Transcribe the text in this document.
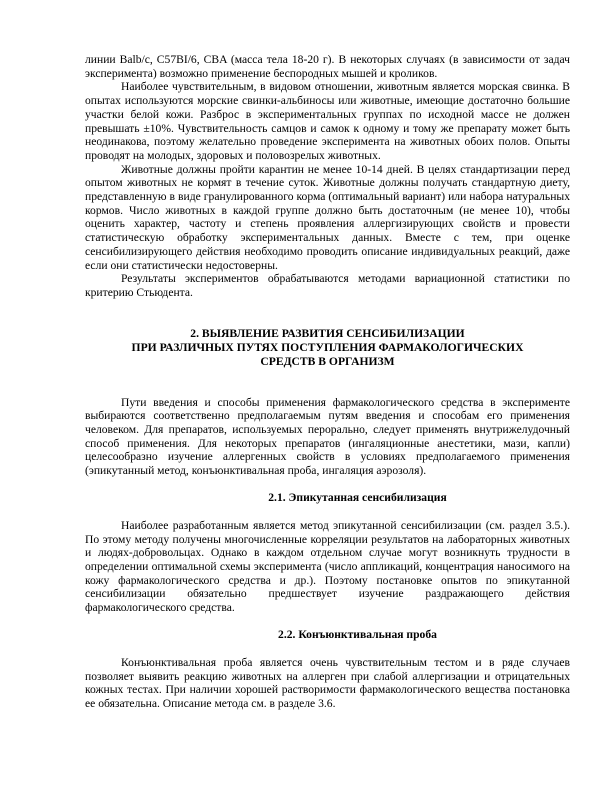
линии Balb/c, C57BI/6, CBA (масса тела 18-20 г). В некоторых случаях (в зависимости от задач эксперимента) возможно применение беспородных мышей и кроликов.

Наиболее чувствительным, в видовом отношении, животным является морская свинка. В опытах используются морские свинки-альбиносы или животные, имеющие достаточно большие участки белой кожи. Разброс в экспериментальных группах по исходной массе не должен превышать ±10%. Чувствительность самцов и самок к одному и тому же препарату может быть неодинакова, поэтому желательно проведение эксперимента на животных обоих полов. Опыты проводят на молодых, здоровых и половозрелых животных.

Животные должны пройти карантин не менее 10-14 дней. В целях стандартизации перед опытом животных не кормят в течение суток. Животные должны получать стандартную диету, представленную в виде гранулированного корма (оптимальный вариант) или набора натуральных кормов. Число животных в каждой группе должно быть достаточным (не менее 10), чтобы оценить характер, частоту и степень проявления аллергизирующих свойств и провести статистическую обработку экспериментальных данных. Вместе с тем, при оценке сенсибилизирующего действия необходимо проводить описание индивидуальных реакций, даже если они статистически недостоверны.

Результаты экспериментов обрабатываются методами вариационной статистики по критерию Стьюдента.

2. ВЫЯВЛЕНИЕ РАЗВИТИЯ СЕНСИБИЛИЗАЦИИ
ПРИ РАЗЛИЧНЫХ ПУТЯХ ПОСТУПЛЕНИЯ ФАРМАКОЛОГИЧЕСКИХ
СРЕДСТВ В ОРГАНИЗМ

Пути введения и способы применения фармакологического средства в эксперименте выбираются соответственно предполагаемым путям введения и способам его применения человеком. Для препаратов, используемых перорально, следует применять внутрижелудочный способ применения. Для некоторых препаратов (ингаляционные анестетики, мази, капли) целесообразно изучение аллергенных свойств в условиях предполагаемого применения (эпикутанный метод, конъюнктивальная проба, ингаляция аэрозоля).

2.1. Эпикутанная сенсибилизация

Наиболее разработанным является метод эпикутанной сенсибилизации (см. раздел 3.5.). По этому методу получены многочисленные корреляции результатов на лабораторных животных и людях-добровольцах. Однако в каждом отдельном случае могут возникнуть трудности в определении оптимальной схемы эксперимента (число аппликаций, концентрация наносимого на кожу фармакологического средства и др.). Поэтому постановке опытов по эпикутанной сенсибилизации обязательно предшествует изучение раздражающего действия фармакологического средства.

2.2. Конъюнктивальная проба

Конъюнктивальная проба является очень чувствительным тестом и в ряде случаев позволяет выявить реакцию животных на аллерген при слабой аллергизации и отрицательных кожных тестах. При наличии хорошей растворимости фармакологического вещества постановка ее обязательна. Описание метода см. в разделе 3.6.
